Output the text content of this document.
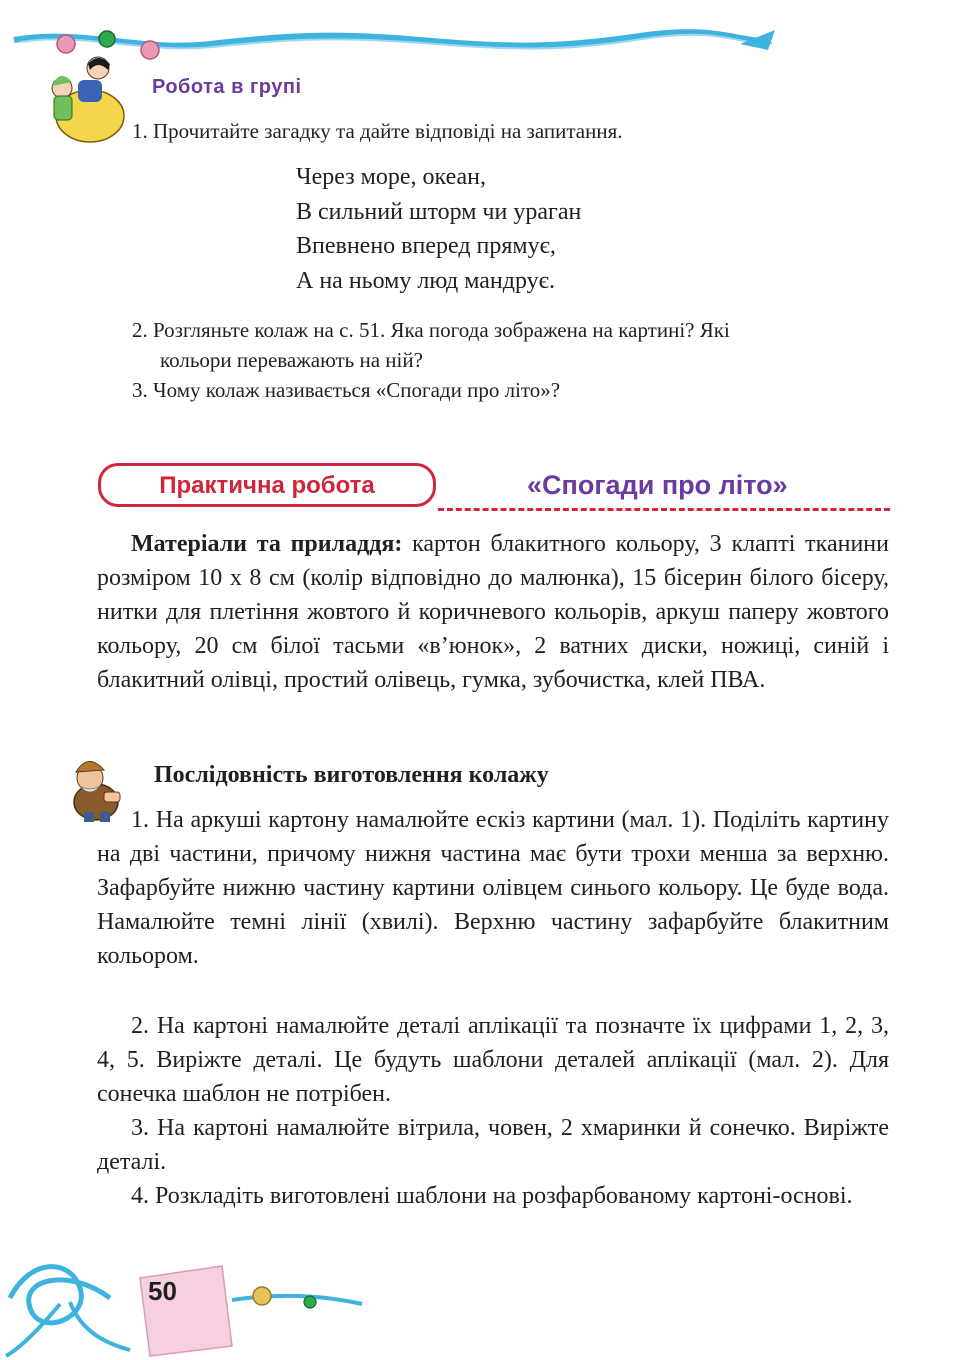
Робота в групі
1. Прочитайте загадку та дайте відповіді на запитання.
Через море, океан,
В сильний шторм чи ураган
Впевнено вперед прямує,
А на ньому люд мандрує.
2. Розгляньте колаж на с. 51. Яка погода зображена на картині? Які
кольори переважають на ній?
3. Чому колаж називається «Спогади про літо»?
Практична робота	«Спогади про літо»
Матеріали та приладдя: картон блакитного кольору, 3 клапті тканини розміром 10 х 8 см (колір відповідно до малюнка), 15 бісерин білого бісеру, нитки для плетіння жовтого й коричневого кольорів, аркуш паперу жовтого кольору, 20 см білої тасьми «в’юнок», 2 ватних диски, ножиці, синій і блакитний олівці, простий олівець, гумка, зубочистка, клей ПВА.
Послідовність виготовлення колажу
1. На аркуші картону намалюйте ескіз картини (мал. 1). Поділіть картину на дві частини, причому нижня частина має бути трохи менша за верхню. Зафарбуйте нижню частину картини олівцем синього кольору. Це буде вода. Намалюйте темні лінії (хвилі). Верхню частину зафарбуйте блакитним кольором.
2. На картоні намалюйте деталі аплікації та позначте їх цифрами 1, 2, 3, 4, 5. Виріжте деталі. Це будуть шаблони деталей аплікації (мал. 2). Для сонечка шаблон не потрібен.
3. На картоні намалюйте вітрила, човен, 2 хмаринки й сонечко. Виріжте деталі.
4. Розкладіть виготовлені шаблони на розфарбованому картоні-основі.
50
